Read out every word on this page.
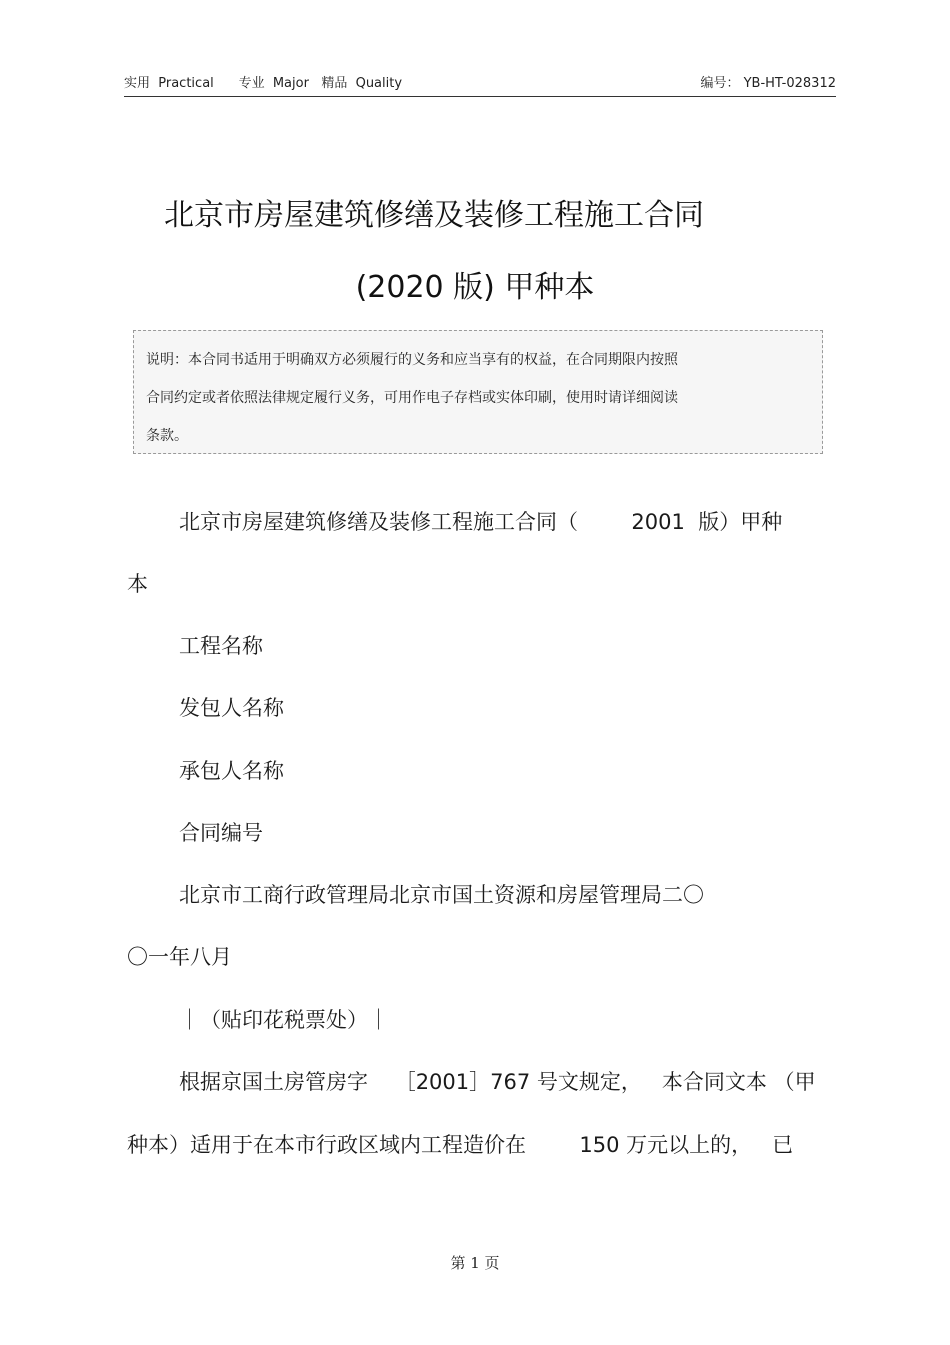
实用  Practical      专业  Major   精品  Quality	编号： YB-HT-028312
北京市房屋建筑修缮及装修工程施工合同
(2020 版) 甲种本
说明：本合同书适用于明确双方必须履行的义务和应当享有的权益，在合同期限内按照
合同约定或者依照法律规定履行义务，可用作电子存档或实体印刷，使用时请详细阅读
条款。
北京市房屋建筑修缮及装修工程施工合同（        2001  版）甲种
本
工程名称
发包人名称
承包人名称
合同编号
北京市工商行政管理局北京市国土资源和房屋管理局二〇
〇一年八月
｜（贴印花税票处）｜
根据京国土房管房字    ［2001］767 号文规定，   本合同文本 （甲
种本）适用于在本市行政区域内工程造价在        150 万元以上的，   已
第 1 页
